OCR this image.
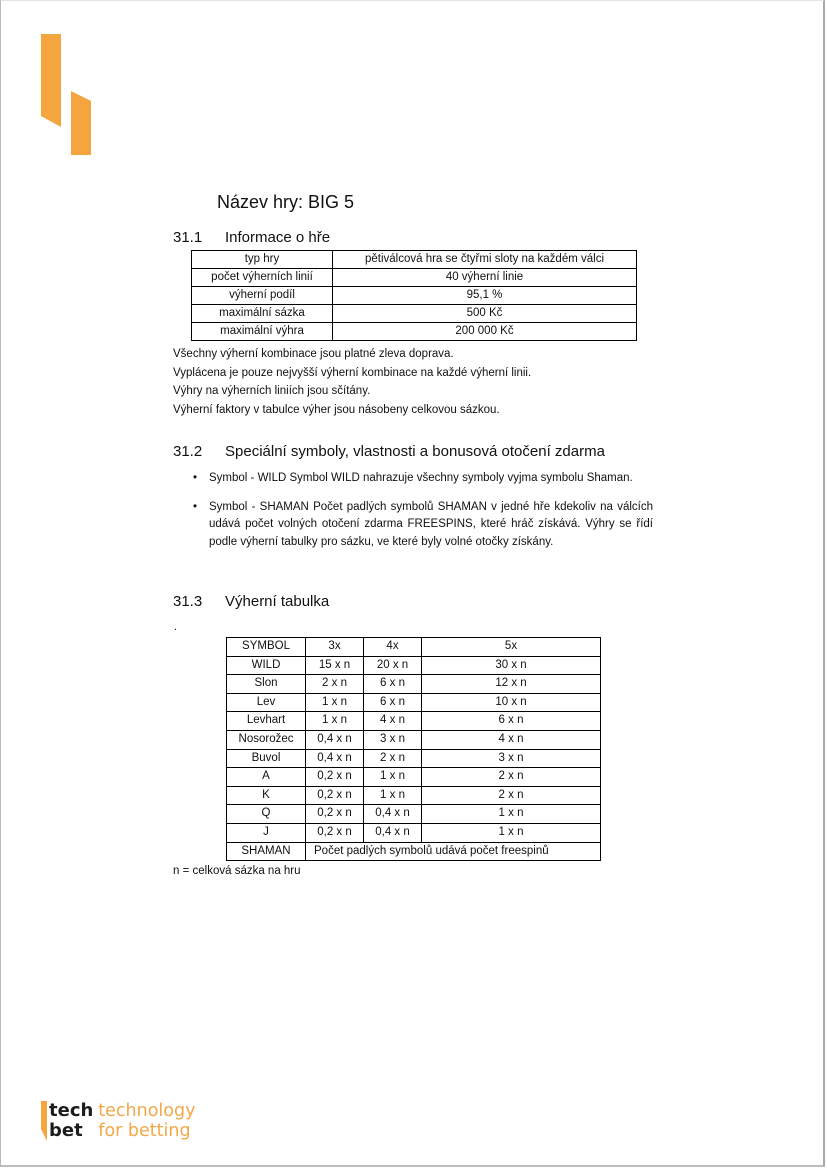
Název hry: BIG 5
31.1 Informace o hře
typ hry	pětiválcová hra se čtyřmi sloty na každém válci
počet výherních linií	40 výherní linie
výherní podíl	95,1 %
maximální sázka	500 Kč
maximální výhra	200 000 Kč
Všechny výherní kombinace jsou platné zleva doprava.
Vyplácena je pouze nejvyšší výherní kombinace na každé výherní linii.
Výhry na výherních liniích jsou sčítány.
Výherní faktory v tabulce výher jsou násobeny celkovou sázkou.
31.2 Speciální symboly, vlastnosti a bonusová otočení zdarma
•	Symbol - WILD Symbol WILD nahrazuje všechny symboly vyjma symbolu Shaman.
•	Symbol - SHAMAN Počet padlých symbolů SHAMAN v jedné hře kdekoliv na válcích udává počet volných otočení zdarma FREESPINS, které hráč získává. Výhry se řídí podle výherní tabulky pro sázku, ve které byly volné otočky získány.
31.3 Výherní tabulka
.
SYMBOL	3x	4x	5x
WILD	15 x n	20 x n	30 x n
Slon	2 x n	6 x n	12 x n
Lev	1 x n	6 x n	10 x n
Levhart	1 x n	4 x n	6 x n
Nosorožec	0,4 x n	3 x n	4 x n
Buvol	0,4 x n	2 x n	3 x n
A	0,2 x n	1 x n	2 x n
K	0,2 x n	1 x n	2 x n
Q	0,2 x n	0,4 x n	1 x n
J	0,2 x n	0,4 x n	1 x n
SHAMAN	Počet padlých symbolů udává počet freespinů		
n = celková sázka na hru
tech
bet
technology
for betting
